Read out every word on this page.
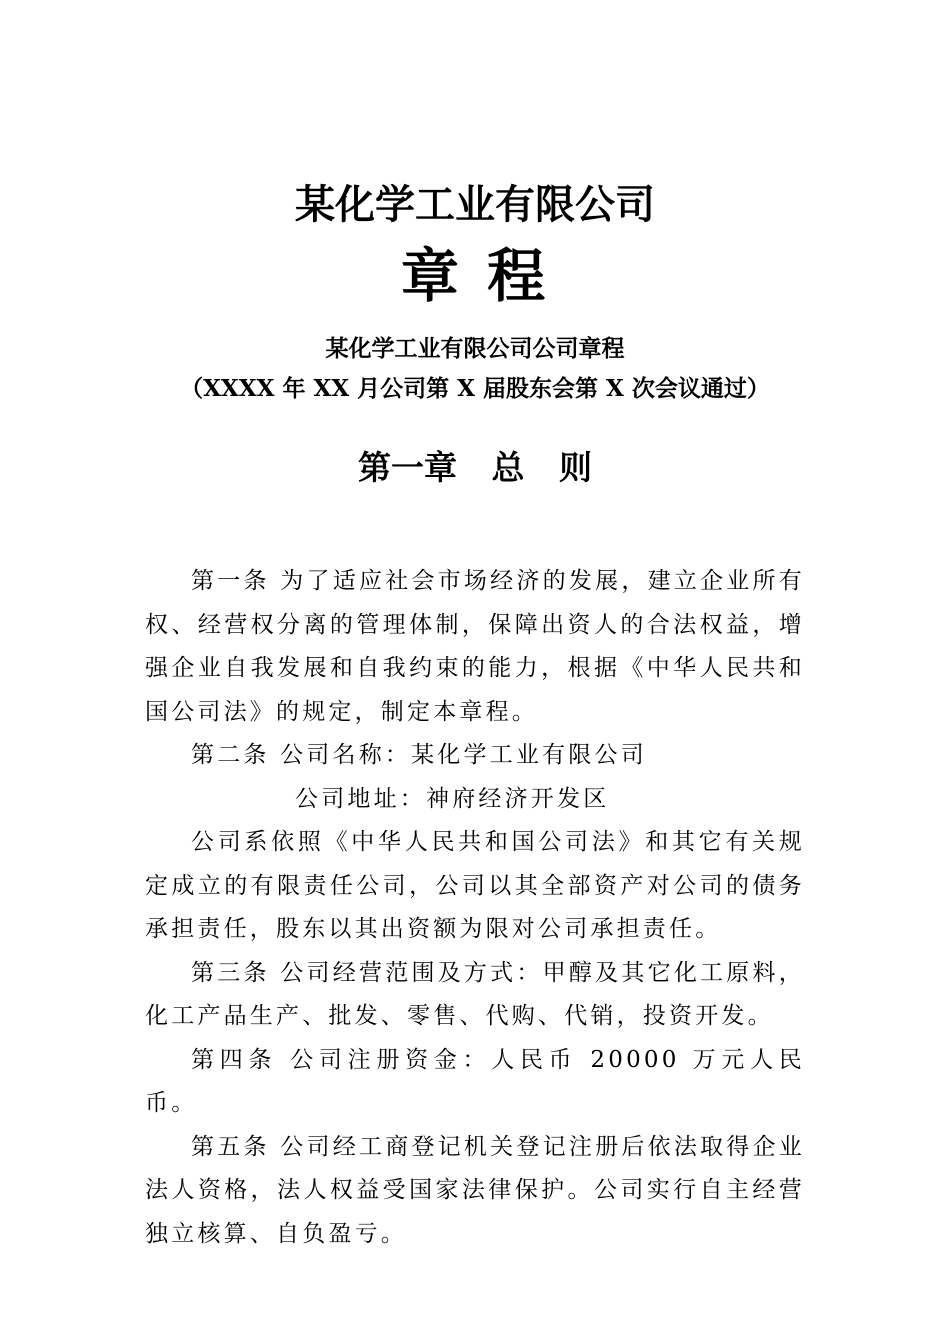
某化学工业有限公司
章 程
某化学工业有限公司公司章程
（XXXX 年 XX 月公司第 X 届股东会第 X 次会议通过）
第一章   总   则

第一条 为了适应社会市场经济的发展，建立企业所有权、经营权分离的管理体制，保障出资人的合法权益，增强企业自我发展和自我约束的能力，根据《中华人民共和国公司法》的规定，制定本章程。

第二条 公司名称：某化学工业有限公司

公司地址：神府经济开发区

公司系依照《中华人民共和国公司法》和其它有关规定成立的有限责任公司，公司以其全部资产对公司的债务承担责任，股东以其出资额为限对公司承担责任。

第三条 公司经营范围及方式：甲醇及其它化工原料，化工产品生产、批发、零售、代购、代销，投资开发。

第四条 公司注册资金：人民币 20000 万元人民币。

第五条 公司经工商登记机关登记注册后依法取得企业法人资格，法人权益受国家法律保护。公司实行自主经营独立核算、自负盈亏。
